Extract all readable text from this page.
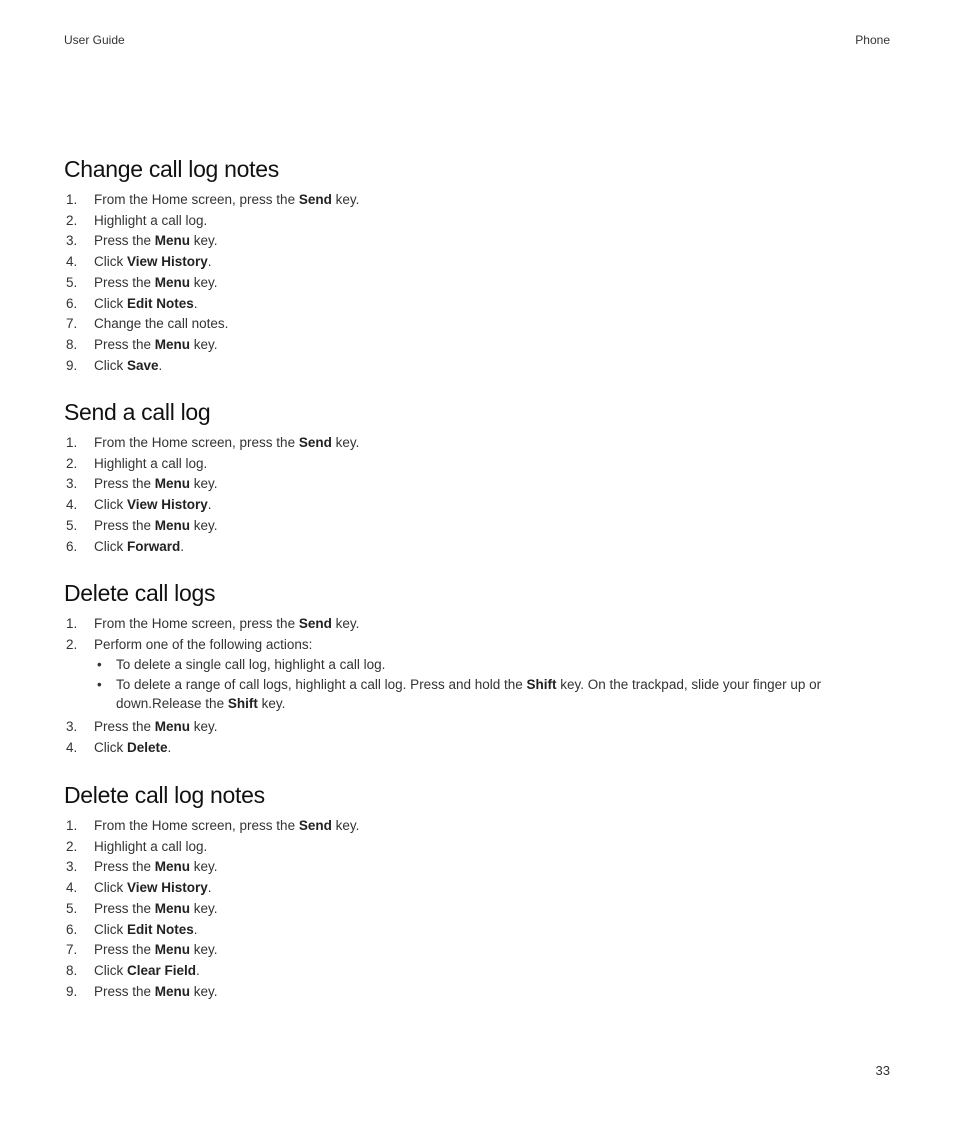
User Guide	Phone
Change call log notes
1.	From the Home screen, press the Send key.
2.	Highlight a call log.
3.	Press the Menu key.
4.	Click View History.
5.	Press the Menu key.
6.	Click Edit Notes.
7.	Change the call notes.
8.	Press the Menu key.
9.	Click Save.
Send a call log
1.	From the Home screen, press the Send key.
2.	Highlight a call log.
3.	Press the Menu key.
4.	Click View History.
5.	Press the Menu key.
6.	Click Forward.
Delete call logs
1.	From the Home screen, press the Send key.
2.	Perform one of the following actions:
• To delete a single call log, highlight a call log.
• To delete a range of call logs, highlight a call log. Press and hold the Shift key. On the trackpad, slide your finger up or down.Release the Shift key.
3.	Press the Menu key.
4.	Click Delete.
Delete call log notes
1.	From the Home screen, press the Send key.
2.	Highlight a call log.
3.	Press the Menu key.
4.	Click View History.
5.	Press the Menu key.
6.	Click Edit Notes.
7.	Press the Menu key.
8.	Click Clear Field.
9.	Press the Menu key.
33
